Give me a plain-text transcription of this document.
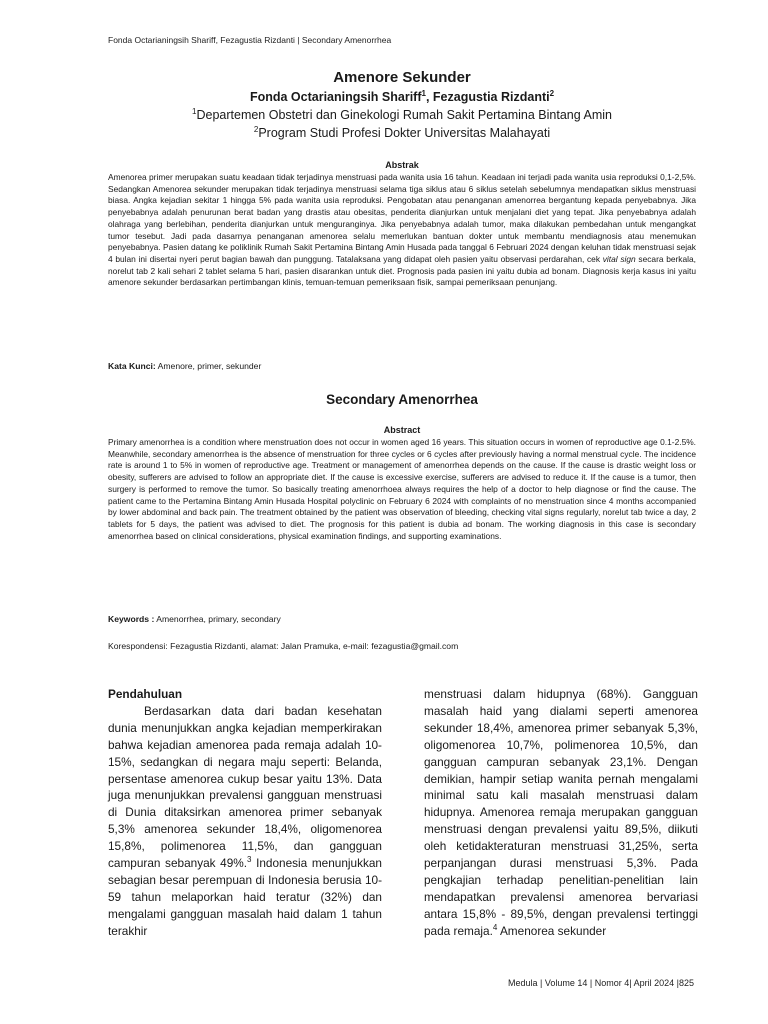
Fonda Octarianingsih Shariff, Fezagustia Rizdanti | Secondary Amenorrhea

Amenore Sekunder

Fonda Octarianingsih Shariff$^1$, Fezagustia Rizdanti$^2$

$^1$Departemen Obstetri dan Ginekologi Rumah Sakit Pertamina Bintang Amin

$^2$Program Studi Profesi Dokter Universitas Malahayati

Abstrak

Amenorea primer merupakan suatu keadaan tidak terjadinya menstruasi pada wanita usia 16 tahun. Keadaan ini terjadi pada wanita usia reproduksi 0,1-2,5%. Sedangkan Amenorea sekunder merupakan tidak terjadinya menstruasi selama tiga siklus atau 6 siklus setelah sebelumnya mendapatkan siklus menstruasi biasa. Angka kejadian sekitar 1 hingga 5% pada wanita usia reproduksi. Pengobatan atau penanganan amenorrea bergantung kepada penyebabnya. Jika penyebabnya adalah penurunan berat badan yang drastis atau obesitas, penderita dianjurkan untuk menjalani diet yang tepat. Jika penyebabnya adalah olahraga yang berlebihan, penderita dianjurkan untuk menguranginya. Jika penyebabnya adalah tumor, maka dilakukan pembedahan untuk mengangkat tumor tesebut. Jadi pada dasarnya penanganan amenorea selalu memerlukan bantuan dokter untuk membantu mendiagnosis atau menemukan penyebabnya. Pasien datang ke poliklinik Rumah Sakit Pertamina Bintang Amin Husada pada tanggal 6 Februari 2024 dengan keluhan tidak menstruasi sejak 4 bulan ini disertai nyeri perut bagian bawah dan punggung. Tatalaksana yang didapat oleh pasien yaitu observasi perdarahan, cek vital sign secara berkala, norelut tab 2 kali sehari 2 tablet selama 5 hari, pasien disarankan untuk diet. Prognosis pada pasien ini yaitu dubia ad bonam. Diagnosis kerja kasus ini yaitu amenore sekunder berdasarkan pertimbangan klinis, temuan-temuan pemeriksaan fisik, sampai pemeriksaan penunjang.

Kata Kunci: Amenore, primer, sekunder
Secondary Amenorrhea
Abstract

Primary amenorrhea is a condition where menstruation does not occur in women aged 16 years. This situation occurs in women of reproductive age 0.1-2.5%. Meanwhile, secondary amenorrhea is the absence of menstruation for three cycles or 6 cycles after previously having a normal menstrual cycle. The incidence rate is around 1 to 5% in women of reproductive age. Treatment or management of amenorrhea depends on the cause. If the cause is drastic weight loss or obesity, sufferers are advised to follow an appropriate diet. If the cause is excessive exercise, sufferers are advised to reduce it. If the cause is a tumor, then surgery is performed to remove the tumor. So basically treating amenorrhoea always requires the help of a doctor to help diagnose or find the cause. The patient came to the Pertamina Bintang Amin Husada Hospital polyclinic on February 6 2024 with complaints of no menstruation since 4 months accompanied by lower abdominal and back pain. The treatment obtained by the patient was observation of bleeding, checking vital signs regularly, norelut tab twice a day, 2 tablets for 5 days, the patient was advised to diet. The prognosis for this patient is dubia ad bonam. The working diagnosis in this case is secondary amenorrhea based on clinical considerations, physical examination findings, and supporting examinations.

Keywords : Amenorrhea, primary, secondary
Korespondensi: Fezagustia Rizdanti, alamat: Jalan Pramuka, e-mail: fezagustia@gmail.com

Pendahuluan

Berdasarkan data dari badan kesehatan dunia menunjukkan angka kejadian memperkirakan bahwa kejadian amenorea pada remaja adalah 10-15%, sedangkan di negara maju seperti: Belanda, persentase amenorea cukup besar yaitu 13%. Data juga menunjukkan prevalensi gangguan menstruasi di Dunia ditaksirkan amenorea primer sebanyak 5,3% amenorea sekunder 18,4%, oligomenorea 15,8%, polimenorea 11,5%, dan gangguan campuran sebanyak 49%.$^3$ Indonesia menunjukkan sebagian besar perempuan di Indonesia berusia 10- 59 tahun melaporkan haid teratur (32%) dan mengalami gangguan masalah haid dalam 1 tahun terakhir

menstruasi dalam hidupnya (68%). Gangguan masalah haid yang dialami seperti amenorea sekunder 18,4%, amenorea primer sebanyak 5,3%, oligomenorea 10,7%, polimenorea 10,5%, dan gangguan campuran sebanyak 23,1%. Dengan demikian, hampir setiap wanita pernah mengalami minimal satu kali masalah menstruasi dalam hidupnya. Amenorea remaja merupakan gangguan menstruasi dengan prevalensi yaitu 89,5%, diikuti oleh ketidakteraturan menstruasi 31,25%, serta perpanjangan durasi menstruasi 5,3%. Pada pengkajian terhadap penelitian-penelitian lain mendapatkan prevalensi amenorea bervariasi antara 15,8% - 89,5%, dengan prevalensi tertinggi pada remaja.$^4$ Amenorea sekunder

Medula | Volume 14 | Nomor 4| April 2024 |825
